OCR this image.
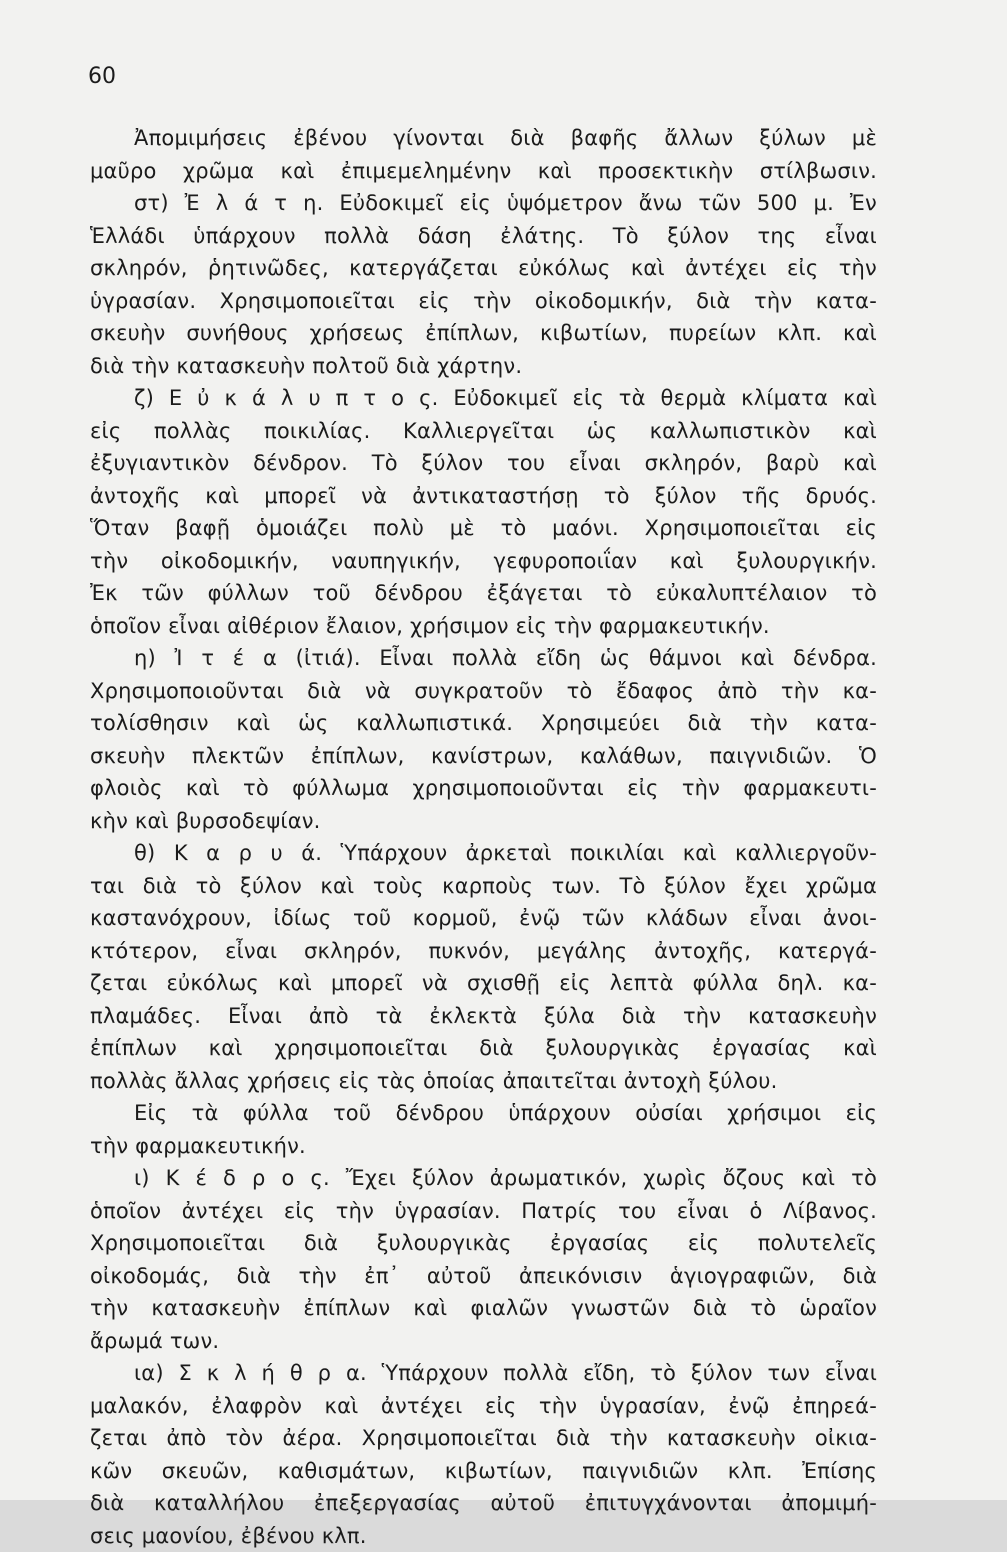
60
Ἀπομιμήσεις ἐβένου γίνονται διὰ βαφῆς ἄλλων ξύλων μὲ
μαῦρο χρῶμα καὶ ἐπιμεμελημένην καὶ προσεκτικὴν στίλβωσιν.
στ) Ἐ λ ά τ η. Εὐδοκιμεῖ εἰς ὑψόμετρον ἄνω τῶν 500 μ. Ἐν
Ἑλλάδι ὑπάρχουν πολλὰ δάση ἐλάτης. Τὸ ξύλον της εἶναι
σκληρόν, ῥητινῶδες, κατεργάζεται εὐκόλως καὶ ἀντέχει εἰς τὴν
ὑγρασίαν. Χρησιμοποιεῖται εἰς τὴν οἰκοδομικήν, διὰ τὴν κατα-
σκευὴν συνήθους χρήσεως ἐπίπλων, κιβωτίων, πυρείων κλπ. καὶ
διὰ τὴν κατασκευὴν πολτοῦ διὰ χάρτην.
ζ) Ε ὐ κ ά λ υ π τ ο ς. Εὐδοκιμεῖ εἰς τὰ θερμὰ κλίματα καὶ
εἰς πολλὰς ποικιλίας. Καλλιεργεῖται ὡς καλλωπιστικὸν καὶ
ἐξυγιαντικὸν δένδρον. Τὸ ξύλον του εἶναι σκληρόν, βαρὺ καὶ
ἀντοχῆς καὶ μπορεῖ νὰ ἀντικαταστήσῃ τὸ ξύλον τῆς δρυός.
Ὅταν βαφῇ ὁμοιάζει πολὺ μὲ τὸ μαόνι. Χρησιμοποιεῖται εἰς
τὴν οἰκοδομικήν, ναυπηγικήν, γεφυροποιΐαν καὶ ξυλουργικήν.
Ἐκ τῶν φύλλων τοῦ δένδρου ἐξάγεται τὸ εὐκαλυπτέλαιον τὸ
ὁποῖον εἶναι αἰθέριον ἔλαιον, χρήσιμον εἰς τὴν φαρμακευτικήν.
η) Ἰ τ έ α (ἰτιά). Εἶναι πολλὰ εἴδη ὡς θάμνοι καὶ δένδρα.
Χρησιμοποιοῦνται διὰ νὰ συγκρατοῦν τὸ ἔδαφος ἀπὸ τὴν κα-
τολίσθησιν καὶ ὡς καλλωπιστικά. Χρησιμεύει διὰ τὴν κατα-
σκευὴν πλεκτῶν ἐπίπλων, κανίστρων, καλάθων, παιγνιδιῶν. Ὁ
φλοιὸς καὶ τὸ φύλλωμα χρησιμοποιοῦνται εἰς τὴν φαρμακευτι-
κὴν καὶ βυρσοδεψίαν.
θ) Κ α ρ υ ά. Ὑπάρχουν ἀρκεταὶ ποικιλίαι καὶ καλλιεργοῦν-
ται διὰ τὸ ξύλον καὶ τοὺς καρποὺς των. Τὸ ξύλον ἔχει χρῶμα
καστανόχρουν, ἰδίως τοῦ κορμοῦ, ἐνῷ τῶν κλάδων εἶναι ἀνοι-
κτότερον, εἶναι σκληρόν, πυκνόν, μεγάλης ἀντοχῆς, κατεργά-
ζεται εὐκόλως καὶ μπορεῖ νὰ σχισθῇ εἰς λεπτὰ φύλλα δηλ. κα-
πλαμάδες. Εἶναι ἀπὸ τὰ ἐκλεκτὰ ξύλα διὰ τὴν κατασκευὴν
ἐπίπλων καὶ χρησιμοποιεῖται διὰ ξυλουργικὰς ἐργασίας καὶ
πολλὰς ἄλλας χρήσεις εἰς τὰς ὁποίας ἀπαιτεῖται ἀντοχὴ ξύλου.
Εἰς τὰ φύλλα τοῦ δένδρου ὑπάρχουν οὐσίαι χρήσιμοι εἰς
τὴν φαρμακευτικήν.
ι) Κ έ δ ρ ο ς. Ἔχει ξύλον ἀρωματικόν, χωρὶς ὄζους καὶ τὸ
ὁποῖον ἀντέχει εἰς τὴν ὑγρασίαν. Πατρίς του εἶναι ὁ Λίβανος.
Χρησιμοποιεῖται διὰ ξυλουργικὰς ἐργασίας εἰς πολυτελεῖς
οἰκοδομάς, διὰ τὴν ἐπ᾽ αὐτοῦ ἀπεικόνισιν ἁγιογραφιῶν, διὰ
τὴν κατασκευὴν ἐπίπλων καὶ φιαλῶν γνωστῶν διὰ τὸ ὡραῖον
ἄρωμά των.
ια) Σ κ λ ή θ ρ α. Ὑπάρχουν πολλὰ εἴδη, τὸ ξύλον των εἶναι
μαλακόν, ἐλαφρὸν καὶ ἀντέχει εἰς τὴν ὑγρασίαν, ἐνῷ ἐπηρεά-
ζεται ἀπὸ τὸν ἀέρα. Χρησιμοποιεῖται διὰ τὴν κατασκευὴν οἰκια-
κῶν σκευῶν, καθισμάτων, κιβωτίων, παιγνιδιῶν κλπ. Ἐπίσης
διὰ καταλλήλου ἐπεξεργασίας αὐτοῦ ἐπιτυγχάνονται ἀπομιμή-
σεις μαονίου, ἐβένου κλπ.
